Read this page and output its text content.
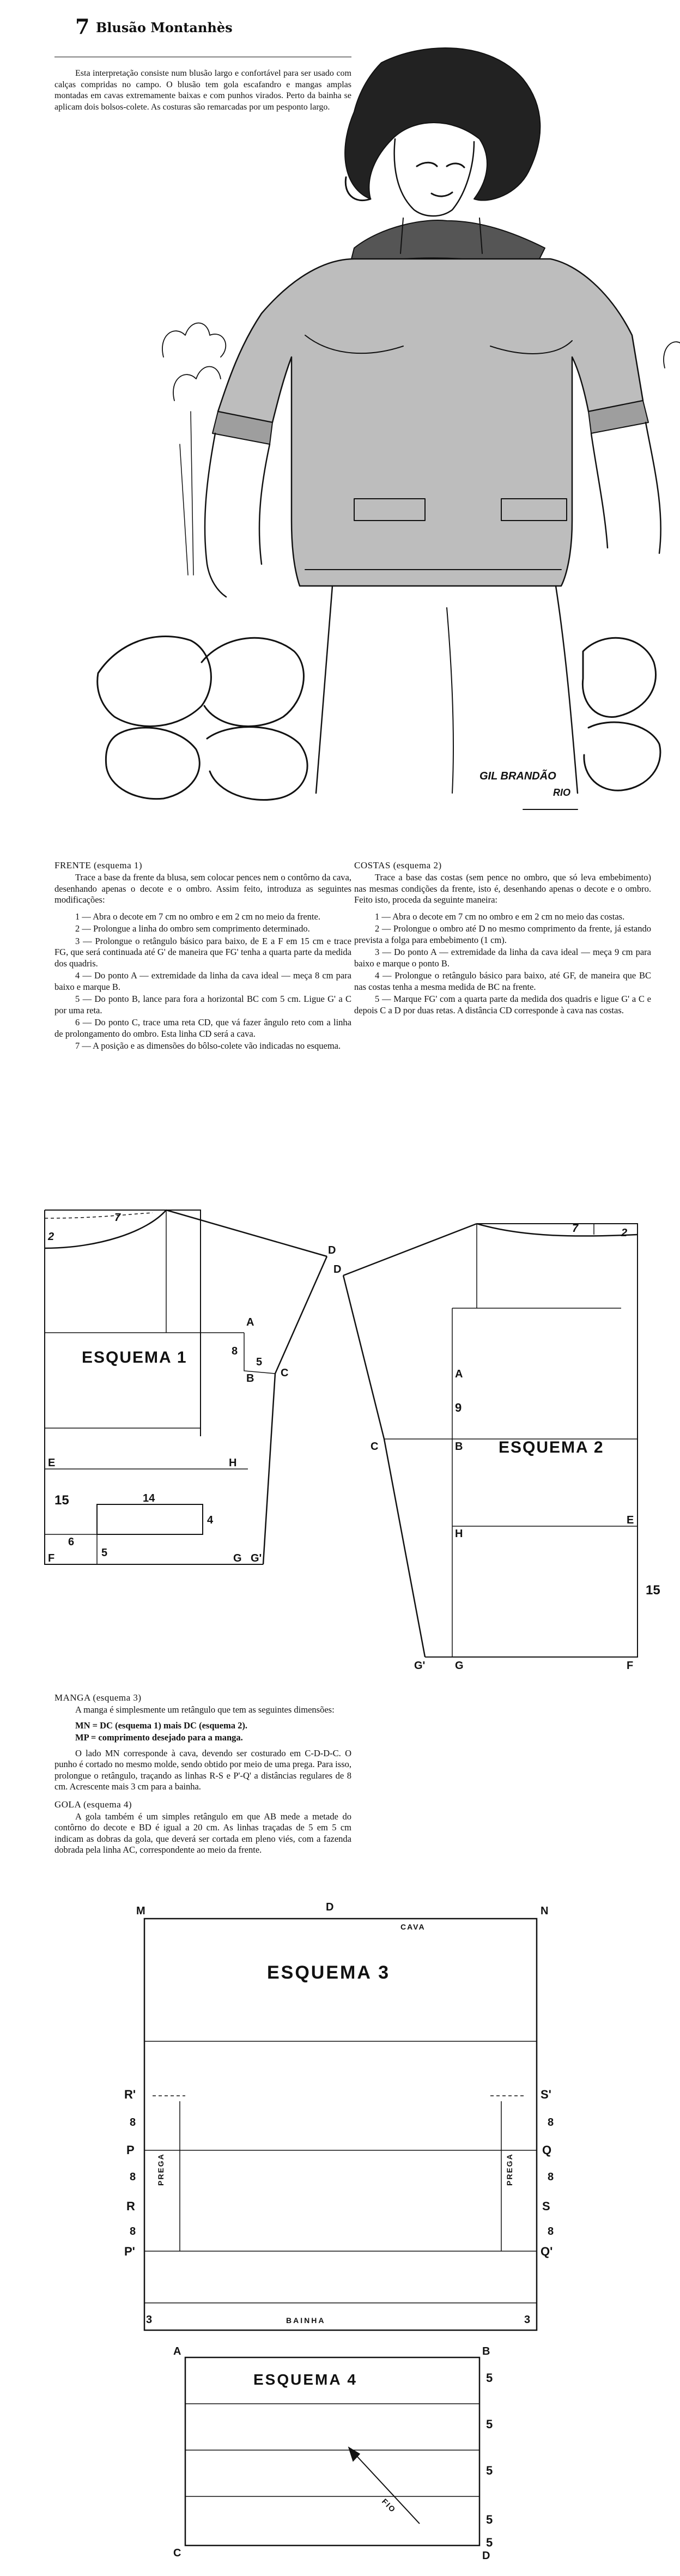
7 Blusão Montanhès

Esta interpretação consiste num blusão largo e confortável para ser usado com calças compridas no campo. O blusão tem gola escafandro e mangas amplas montadas em cavas extremamente baixas e com punhos virados. Perto da bainha se aplicam dois bolsos-colete. As costuras são remarcadas por um pesponto largo.

GIL BRANDÃO
RIO

FRENTE (esquema 1)

Trace a base da frente da blusa, sem colocar pences nem o contôrno da cava, desenhando apenas o decote e o ombro. Assim feito, introduza as seguintes modificações:

1 — Abra o decote em 7 cm no ombro e em 2 cm no meio da frente.

2 — Prolongue a linha do ombro sem comprimento determinado.

3 — Prolongue o retângulo básico para baixo, de E a F em 15 cm e trace FG, que será continuada até G' de maneira que FG' tenha a quarta parte da medida dos quadris.

4 — Do ponto A — extremidade da linha da cava ideal — meça 8 cm para baixo e marque B.

5 — Do ponto B, lance para fora a horizontal BC com 5 cm. Ligue G' a C por uma reta.

6 — Do ponto C, trace uma reta CD, que vá fazer ângulo reto com a linha de prolongamento do ombro. Esta linha CD será a cava.

7 — A posição e as dimensões do bôlso-colete vão indicadas no esquema.

COSTAS (esquema 2)

Trace a base das costas (sem pence no ombro, que só leva embebimento) nas mesmas condições da frente, isto é, desenhando apenas o decote e o ombro. Feito isto, proceda da seguinte maneira:

1 — Abra o decote em 7 cm no ombro e em 2 cm no meio das costas.

2 — Prolongue o ombro até D no mesmo comprimento da frente, já estando prevista a folga para embebimento (1 cm).

3 — Do ponto A — extremidade da linha da cava ideal — meça 9 cm para baixo e marque o ponto B.

4 — Prolongue o retângulo básico para baixo, até GF, de maneira que BC nas costas tenha a mesma medida de BC na frente.

5 — Marque FG' com a quarta parte da medida dos quadris e ligue G' a C e depois C a D por duas retas. A distância CD corresponde à cava nas costas.

ESQUEMA 1
D
A
B C
H
E
F	G G'
7
2
8
5
15	14
4
6
5
ESQUEMA 2
D
A
B
C
H
E
F
G
G'
7	2
9
15

MANGA (esquema 3)

A manga é simplesmente um retângulo que tem as seguintes dimensões:

MN = DC (esquema 1) mais DC (esquema 2).

MP = comprimento desejado para a manga.

O lado MN corresponde à cava, devendo ser costurado em C-D-D-C. O punho é cortado no mesmo molde, sendo obtido por meio de uma prega. Para isso, prolongue o retângulo, traçando as linhas R-S e P'-Q' a distâncias regulares de 8 cm. Acrescente mais 3 cm para a bainha.

GOLA (esquema 4)

A gola também é um simples retângulo em que AB mede a metade do contôrno do decote e BD é igual a 20 cm. As linhas traçadas de 5 em 5 cm indicam as dobras da gola, que deverá ser cortada em pleno viés, com a fazenda dobrada pela linha AC, correspondente ao meio da frente.

ESQUEMA 3
CAVA
BAINHA
PREGA	PREGA
M	D	N
R'	S'
P	Q
R	S
P'	Q'
8
8
8
8
8
8
3	3
ESQUEMA 4
FIO
A	B
C	D
5
5
5
5
5
